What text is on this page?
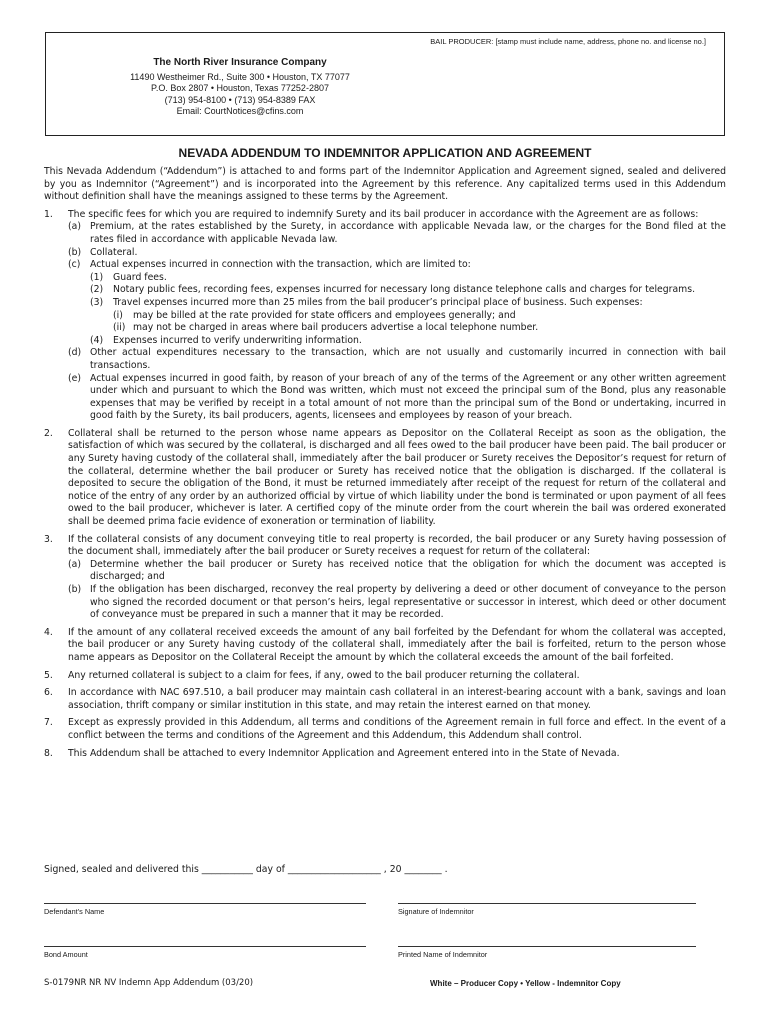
BAIL PRODUCER: [stamp must include name, address, phone no. and license no.]
The North River Insurance Company
11490 Westheimer Rd., Suite 300 • Houston, TX 77077
P.O. Box 2807 • Houston, Texas 77252-2807
(713) 954-8100 • (713) 954-8389 FAX
Email: CourtNotices@cfins.com
NEVADA ADDENDUM TO INDEMNITOR APPLICATION AND AGREEMENT

This Nevada Addendum (“Addendum”) is attached to and forms part of the Indemnitor Application and Agreement signed, sealed and delivered by you as Indemnitor (“Agreement”) and is incorporated into the Agreement by this reference. Any capitalized terms used in this Addendum without definition shall have the meanings assigned to these terms by the Agreement.

1.	The specific fees for which you are required to indemnify Surety and its bail producer in accordance with the Agreement are as follows:
(a) Premium, at the rates established by the Surety, in accordance with applicable Nevada law, or the charges for the Bond filed at the rates filed in accordance with applicable Nevada law.
(b) Collateral.
(c)	Actual expenses incurred in connection with the transaction, which are limited to:
(1)	Guard fees.
(2)	Notary public fees, recording fees, expenses incurred for necessary long distance telephone calls and charges for telegrams.
(3)	Travel expenses incurred more than 25 miles from the bail producer’s principal place of business. Such expenses:
(i)	may be billed at the rate provided for state officers and employees generally; and
(ii) may not be charged in areas where bail producers advertise a local telephone number.
(4)	Expenses incurred to verify underwriting information.
(d) Other actual expenditures necessary to the transaction, which are not usually and customarily incurred in connection with bail transactions.
(e) Actual expenses incurred in good faith, by reason of your breach of any of the terms of the Agreement or any other written agreement under which and pursuant to which the Bond was written, which must not exceed the principal sum of the Bond, plus any reasonable expenses that may be verified by receipt in a total amount of not more than the principal sum of the Bond or undertaking, incurred in good faith by the Surety, its bail producers, agents, licensees and employees by reason of your breach.
2.	Collateral shall be returned to the person whose name appears as Depositor on the Collateral Receipt as soon as the obligation, the satisfaction of which was secured by the collateral, is discharged and all fees owed to the bail producer have been paid. The bail producer or any Surety having custody of the collateral shall, immediately after the bail producer or Surety receives the Depositor’s request for return of the collateral, determine whether the bail producer or Surety has received notice that the obligation is discharged. If the collateral is deposited to secure the obligation of the Bond, it must be returned immediately after receipt of the request for return of the collateral and notice of the entry of any order by an authorized official by virtue of which liability under the bond is terminated or upon payment of all fees owed to the bail producer, whichever is later. A certified copy of the minute order from the court wherein the bail was ordered exonerated shall be deemed prima facie evidence of exoneration or termination of liability.
3.	If the collateral consists of any document conveying title to real property is recorded, the bail producer or any Surety having possession of the document shall, immediately after the bail producer or Surety receives a request for return of the collateral:
(a) Determine whether the bail producer or Surety has received notice that the obligation for which the document was accepted is discharged; and
(b) If the obligation has been discharged, reconvey the real property by delivering a deed or other document of conveyance to the person who signed the recorded document or that person’s heirs, legal representative or successor in interest, which deed or other document of conveyance must be prepared in such a manner that it may be recorded.
4.	If the amount of any collateral received exceeds the amount of any bail forfeited by the Defendant for whom the collateral was accepted, the bail producer or any Surety having custody of the collateral shall, immediately after the bail is forfeited, return to the person whose name appears as Depositor on the Collateral Receipt the amount by which the collateral exceeds the amount of the bail forfeited.
5.	Any returned collateral is subject to a claim for fees, if any, owed to the bail producer returning the collateral.
6.	In accordance with NAC 697.510, a bail producer may maintain cash collateral in an interest-bearing account with a bank, savings and loan association, thrift company or similar institution in this state, and may retain the interest earned on that money.
7.	Except as expressly provided in this Addendum, all terms and conditions of the Agreement remain in full force and effect. In the event of a conflict between the terms and conditions of the Agreement and this Addendum, this Addendum shall control.
8.	This Addendum shall be attached to every Indemnitor Application and Agreement entered into in the State of Nevada.
Signed, sealed and delivered this ___________ day of ____________________ , 20 ________ .
Defendant’s Name	Signature of Indemnitor
Bond Amount	Printed Name of Indemnitor
S-0179NR NR NV Indemn App Addendum (03/20)	White – Producer Copy • Yellow - Indemnitor Copy
